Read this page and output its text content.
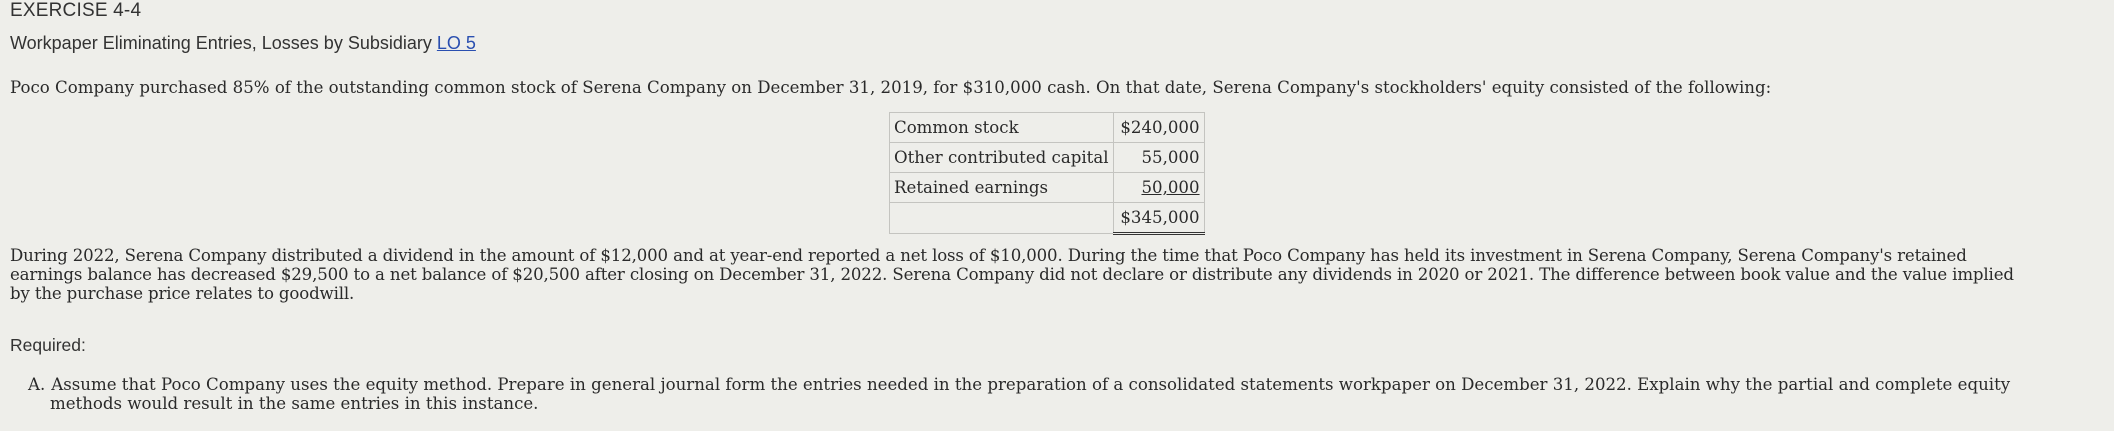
EXERCISE 4-4
Workpaper Eliminating Entries, Losses by Subsidiary LO 5
Poco Company purchased 85% of the outstanding common stock of Serena Company on December 31, 2019, for $310,000 cash. On that date, Serena Company's stockholders' equity consisted of the following:
Common stock	$240,000
Other contributed capital	55,000
Retained earnings	50,000
	$345,000
During 2022, Serena Company distributed a dividend in the amount of $12,000 and at year-end reported a net loss of $10,000. During the time that Poco Company has held its investment in Serena Company, Serena Company's retained
earnings balance has decreased $29,500 to a net balance of $20,500 after closing on December 31, 2022. Serena Company did not declare or distribute any dividends in 2020 or 2021. The difference between book value and the value implied
by the purchase price relates to goodwill.
Required:
A. Assume that Poco Company uses the equity method. Prepare in general journal form the entries needed in the preparation of a consolidated statements workpaper on December 31, 2022. Explain why the partial and complete equity
methods would result in the same entries in this instance.
